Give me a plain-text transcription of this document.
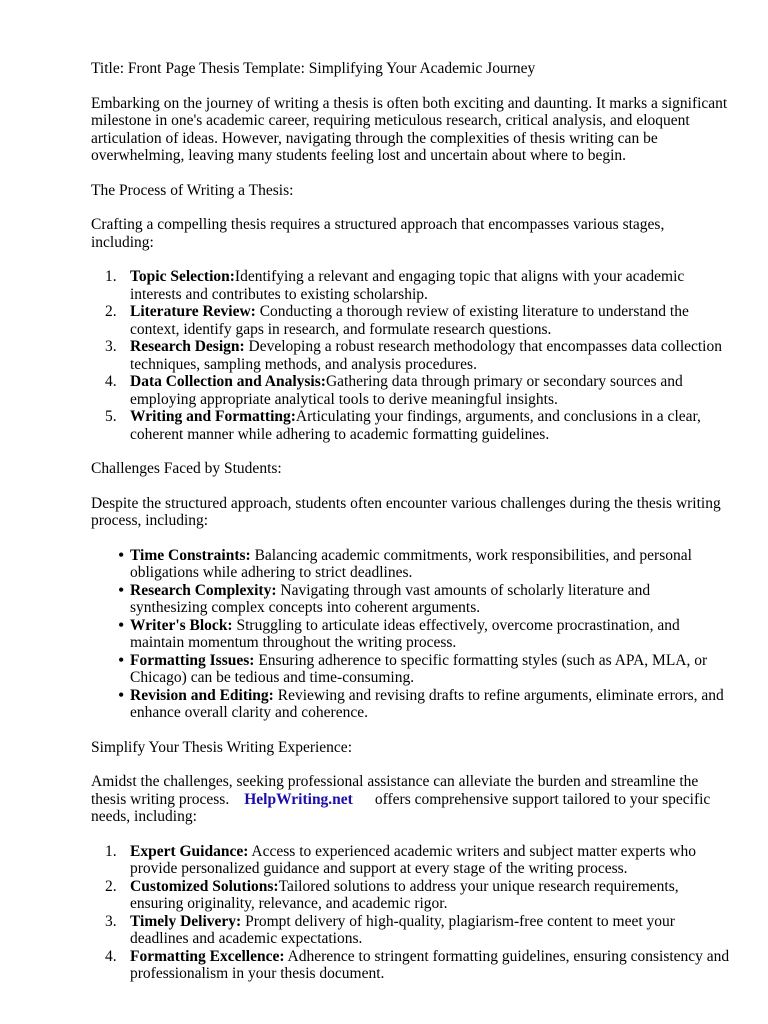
Title: Front Page Thesis Template: Simplifying Your Academic Journey

Embarking on the journey of writing a thesis is often both exciting and daunting. It marks a significant milestone in one's academic career, requiring meticulous research, critical analysis, and eloquent articulation of ideas. However, navigating through the complexities of thesis writing can be overwhelming, leaving many students feeling lost and uncertain about where to begin.

The Process of Writing a Thesis:

Crafting a compelling thesis requires a structured approach that encompasses various stages, including:

1. Topic Selection:Identifying a relevant and engaging topic that aligns with your academic interests and contributes to existing scholarship.
2. Literature Review: Conducting a thorough review of existing literature to understand the context, identify gaps in research, and formulate research questions.
3. Research Design: Developing a robust research methodology that encompasses data collection techniques, sampling methods, and analysis procedures.
4. Data Collection and Analysis:Gathering data through primary or secondary sources and employing appropriate analytical tools to derive meaningful insights.
5. Writing and Formatting:Articulating your findings, arguments, and conclusions in a clear, coherent manner while adhering to academic formatting guidelines.

Challenges Faced by Students:

Despite the structured approach, students often encounter various challenges during the thesis writing process, including:

• Time Constraints: Balancing academic commitments, work responsibilities, and personal obligations while adhering to strict deadlines.
• Research Complexity: Navigating through vast amounts of scholarly literature and synthesizing complex concepts into coherent arguments.
• Writer's Block: Struggling to articulate ideas effectively, overcome procrastination, and maintain momentum throughout the writing process.
• Formatting Issues: Ensuring adherence to specific formatting styles (such as APA, MLA, or Chicago) can be tedious and time-consuming.
• Revision and Editing: Reviewing and revising drafts to refine arguments, eliminate errors, and enhance overall clarity and coherence.

Simplify Your Thesis Writing Experience:

Amidst the challenges, seeking professional assistance can alleviate the burden and streamline the thesis writing process. HelpWriting.net offers comprehensive support tailored to your specific needs, including:

1. Expert Guidance: Access to experienced academic writers and subject matter experts who provide personalized guidance and support at every stage of the writing process.
2. Customized Solutions:Tailored solutions to address your unique research requirements, ensuring originality, relevance, and academic rigor.
3. Timely Delivery: Prompt delivery of high-quality, plagiarism-free content to meet your deadlines and academic expectations.
4. Formatting Excellence: Adherence to stringent formatting guidelines, ensuring consistency and professionalism in your thesis document.
